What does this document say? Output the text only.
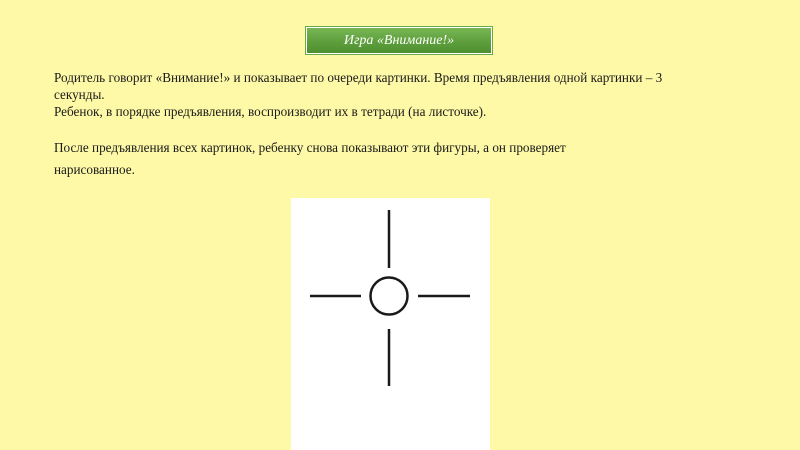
Игра «Внимание!»

Родитель говорит «Внимание!» и показывает по очереди картинки. Время предъявления одной картинки – 3
секунды.
Ребенок, в порядке предъявления, воспроизводит их в тетради (на листочке).

После предъявления всех картинок, ребенку снова показывают эти фигуры, а он проверяет
нарисованное.
